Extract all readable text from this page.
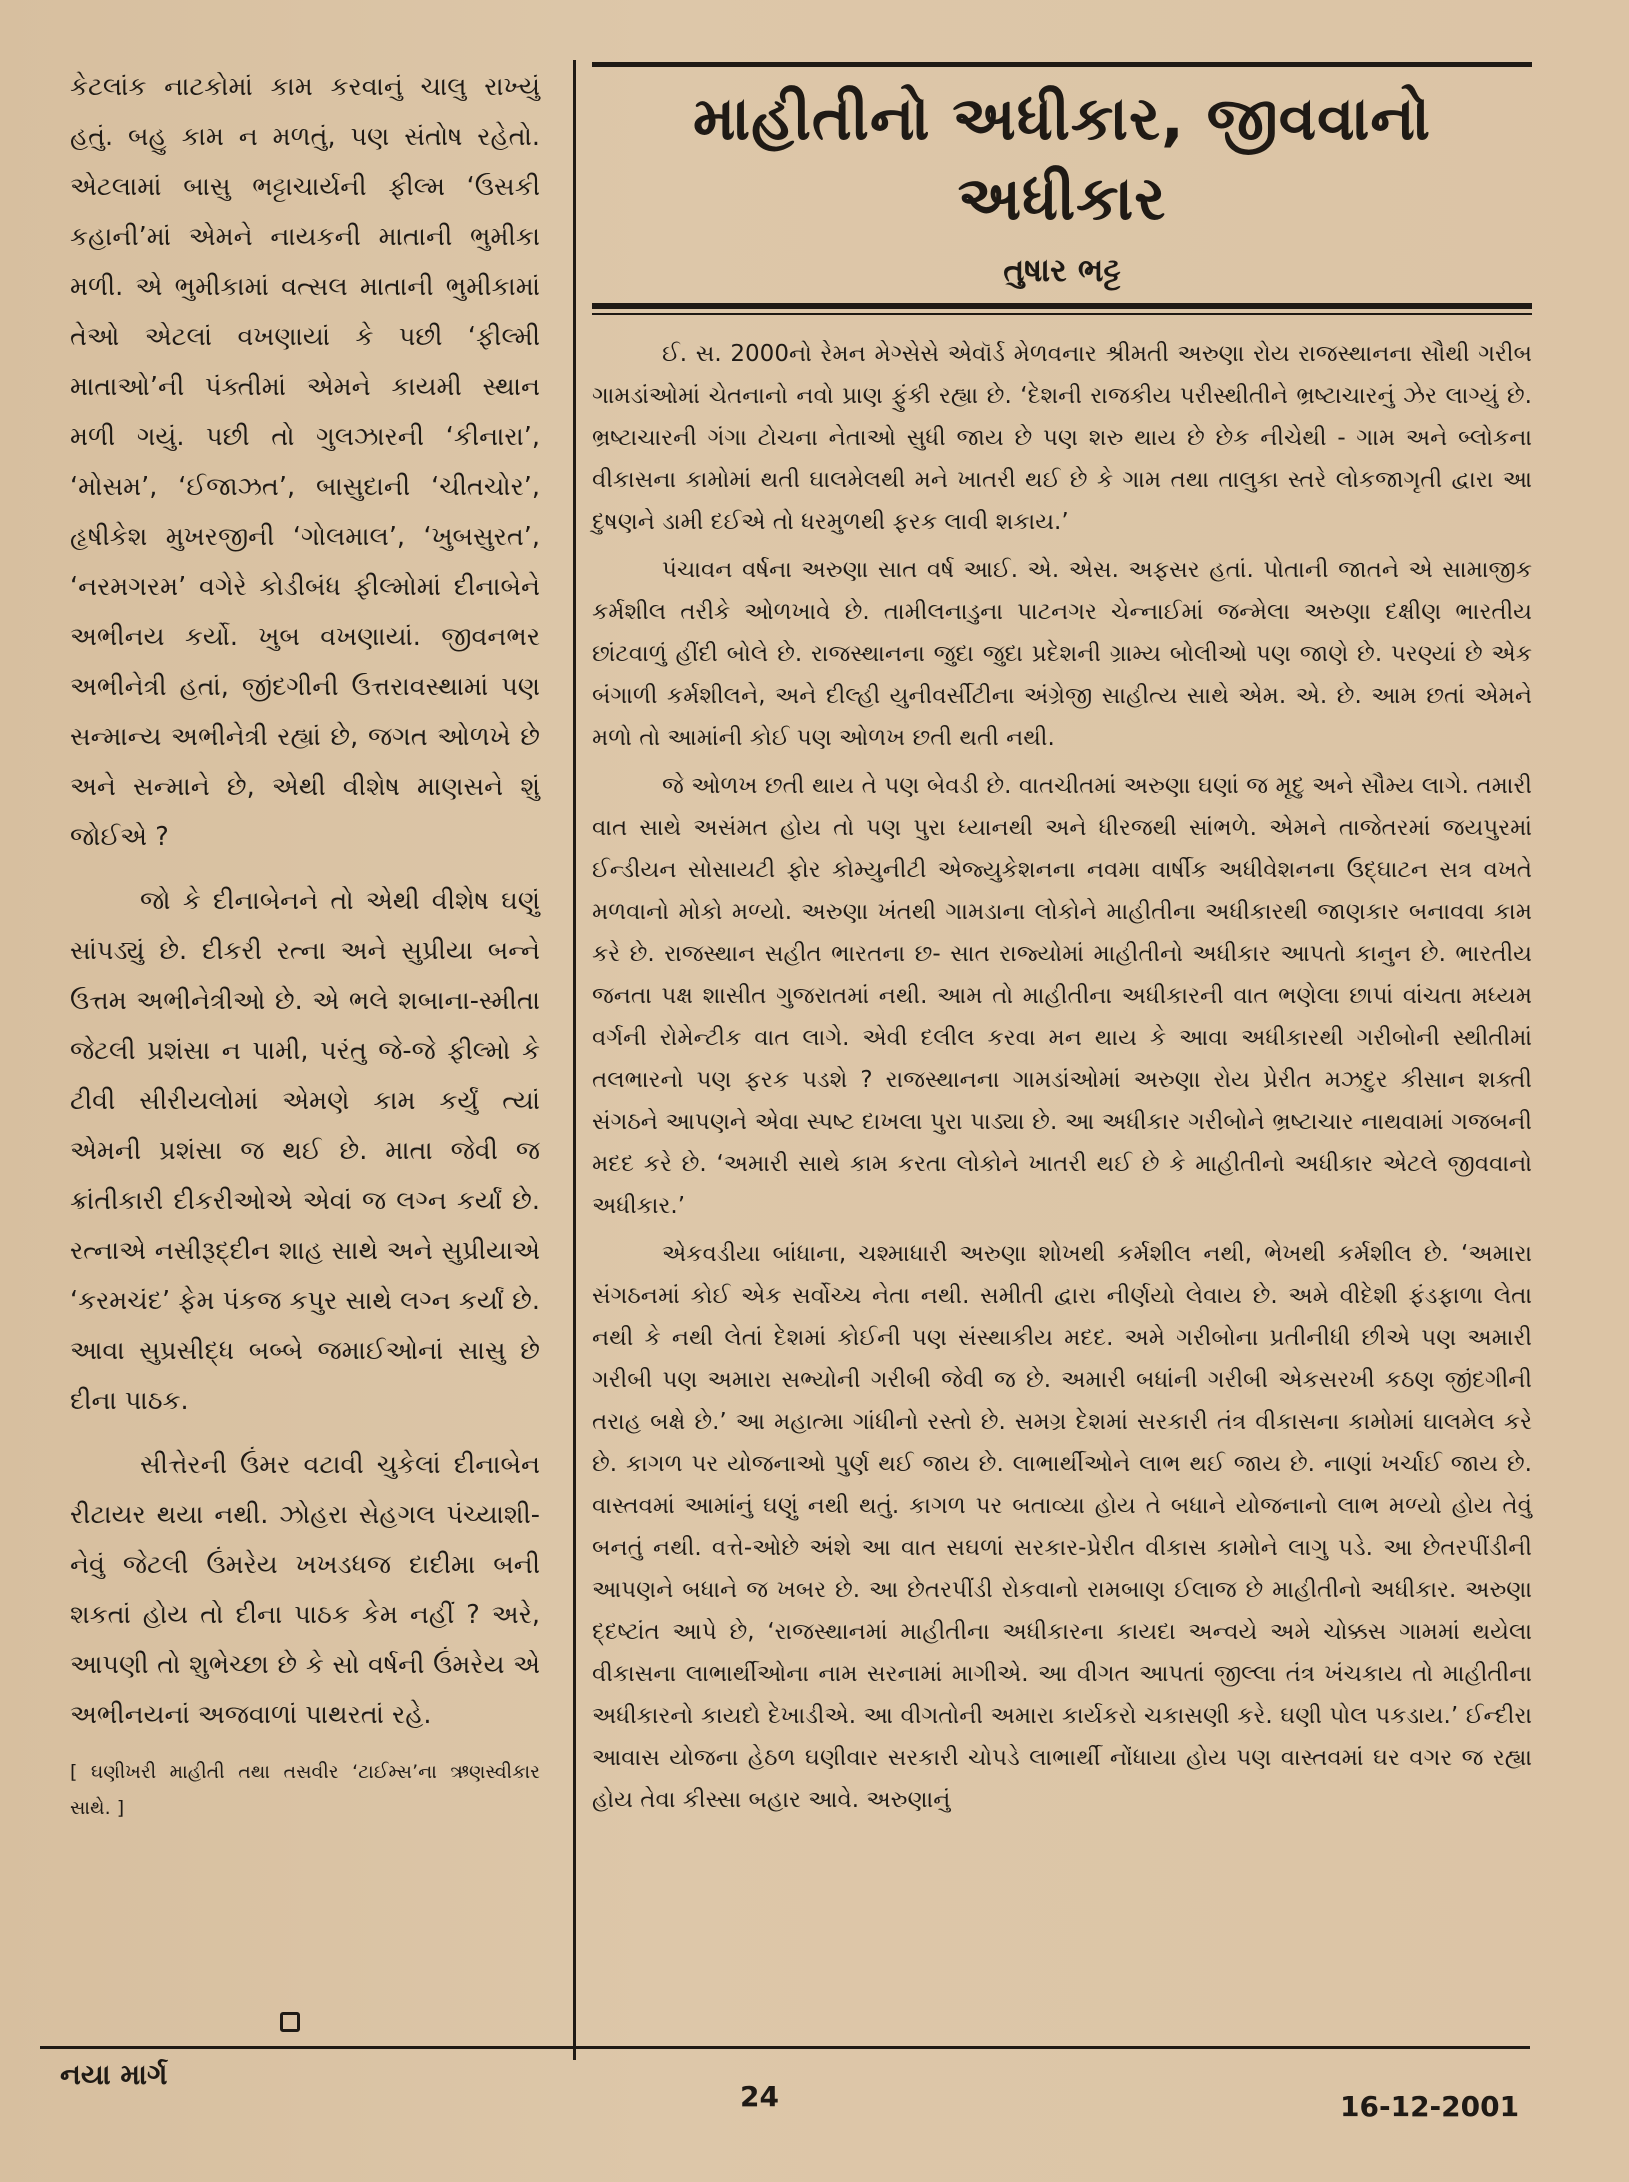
કેટલાંક નાટકોમાં કામ કરવાનું ચાલુ રાખ્યું હતું. બહુ કામ ન મળતું, પણ સંતોષ રહેતો. એટલામાં બાસુ ભટ્ટાચાર્યની ફીલ્મ ‘ઉસકી કહાની’માં એમને નાયકની માતાની ભુમીકા મળી. એ ભુમીકામાં વત્સલ માતાની ભુમીકામાં તેઓ એટલાં વખણાયાં કે પછી ‘ફીલ્મી માતાઓ’ની પંક્તીમાં એમને કાયમી સ્થાન મળી ગયું. પછી તો ગુલઝારની ‘કીનારા’, ‘મોસમ’, ‘ઈજાઝત’, બાસુદાની ‘ચીતચોર’, હૃષીકેશ મુખરજીની ‘ગોલમાલ’, ‘ખુબસુરત’, ‘નરમગરમ’ વગેરે કોડીબંધ ફીલ્મોમાં દીનાબેને અભીનય કર્યો. ખુબ વખણાયાં. જીવનભર અભીનેત્રી હતાં, જીંદગીની ઉત્તરાવસ્થામાં પણ સન્માન્ય અભીનેત્રી રહ્યાં છે, જગત ઓળખે છે અને સન્માને છે, એથી વીશેષ માણસને શું જોઈએ ?

જો કે દીનાબેનને તો એથી વીશેષ ઘણું સાંપડ્યું છે. દીકરી રત્ના અને સુપ્રીયા બન્ને ઉત્તમ અભીનેત્રીઓ છે. એ ભલે શબાના-સ્મીતા જેટલી પ્રશંસા ન પામી, પરંતુ જે-જે ફીલ્મો કે ટીવી સીરીયલોમાં એમણે કામ કર્યું ત્યાં એમની પ્રશંસા જ થઈ છે. માતા જેવી જ ક્રાંતીકારી દીકરીઓએ એવાં જ લગ્ન કર્યાં છે. રત્નાએ નસીરૂદ્દીન શાહ સાથે અને સુપ્રીયાએ ‘કરમચંદ’ ફેમ પંકજ કપુર સાથે લગ્ન કર્યાં છે. આવા સુપ્રસીદ્ધ બબ્બે જમાઈઓનાં સાસુ છે દીના પાઠક.

સીત્તેરની ઉંમર વટાવી ચુકેલાં દીનાબેન રીટાયર થયા નથી. ઝોહરા સેહગલ પંચ્યાશી-નેવું જેટલી ઉંમરેય ખખડધજ દાદીમા બની શકતાં હોય તો દીના પાઠક કેમ નહીં ? અરે, આપણી તો શુભેચ્છા છે કે સો વર્ષની ઉંમરેય એ અભીનયનાં અજવાળાં પાથરતાં રહે.

[ ઘણીખરી માહીતી તથા તસવીર ‘ટાઈમ્સ’ના ઋણસ્વીકાર સાથે. ]
માહીતીનો અધીકાર, જીવવાનો અધીકાર
તુષાર ભટ્ટ

ઈ. સ. 2000નો રેમન મેગ્સેસે એવૉર્ડ મેળવનાર શ્રીમતી અરુણા રોય રાજસ્થાનના સૌથી ગરીબ ગામડાંઓમાં ચેતનાનો નવો પ્રાણ ફુંકી રહ્યા છે. ‘દેશની રાજકીય પરીસ્થીતીને ભ્રષ્ટાચારનું ઝેર લાગ્યું છે. ભ્રષ્ટાચારની ગંગા ટોચના નેતાઓ સુધી જાય છે પણ શરુ થાય છે છેક નીચેથી - ગામ અને બ્લોકના વીકાસના કામોમાં થતી ઘાલમેલથી મને ખાતરી થઈ છે કે ગામ તથા તાલુકા સ્તરે લોકજાગૃતી દ્વારા આ દુષણને ડામી દઈએ તો ધરમુળથી ફરક લાવી શકાય.’

પંચાવન વર્ષના અરુણા સાત વર્ષ આઈ. એ. એસ. અફસર હતાં. પોતાની જાતને એ સામાજીક કર્મશીલ તરીકે ઓળખાવે છે. તામીલનાડુના પાટનગર ચેન્નાઈમાં જન્મેલા અરુણા દક્ષીણ ભારતીય છાંટવાળું હીંદી બોલે છે. રાજસ્થાનના જુદા જુદા પ્રદેશની ગ્રામ્ય બોલીઓ પણ જાણે છે. પરણ્યાં છે એક બંગાળી કર્મશીલને, અને દીલ્હી યુનીવર્સીટીના અંગ્રેજી સાહીત્ય સાથે એમ. એ. છે. આમ છતાં એમને મળો તો આમાંની કોઈ પણ ઓળખ છતી થતી નથી.

જે ઓળખ છતી થાય તે પણ બેવડી છે. વાતચીતમાં અરુણા ઘણાં જ મૃદુ અને સૌમ્ય લાગે. તમારી વાત સાથે અસંમત હોય તો પણ પુરા ધ્યાનથી અને ધીરજથી સાંભળે. એમને તાજેતરમાં જયપુરમાં ઈન્ડીયન સોસાયટી ફોર કોમ્યુનીટી એજ્યુકેશનના નવમા વાર્ષીક અધીવેશનના ઉદ્ઘાટન સત્ર વખતે મળવાનો મોકો મળ્યો. અરુણા ખંતથી ગામડાના લોકોને માહીતીના અધીકારથી જાણકાર બનાવવા કામ કરે છે. રાજસ્થાન સહીત ભારતના છ- સાત રાજ્યોમાં માહીતીનો અધીકાર આપતો કાનુન છે. ભારતીય જનતા પક્ષ શાસીત ગુજરાતમાં નથી. આમ તો માહીતીના અધીકારની વાત ભણેલા છાપાં વાંચતા મધ્યમ વર્ગની રોમેન્ટીક વાત લાગે. એવી દલીલ કરવા મન થાય કે આવા અધીકારથી ગરીબોની સ્થીતીમાં તલભારનો પણ ફરક પડશે ? રાજસ્થાનના ગામડાંઓમાં અરુણા રોય પ્રેરીત મઝદુર કીસાન શક્તી સંગઠને આપણને એવા સ્પષ્ટ દાખલા પુરા પાડ્યા છે. આ અધીકાર ગરીબોને ભ્રષ્ટાચાર નાથવામાં ગજબની મદદ કરે છે. ‘અમારી સાથે કામ કરતા લોકોને ખાતરી થઈ છે કે માહીતીનો અધીકાર એટલે જીવવાનો અધીકાર.’

એકવડીયા બાંધાના, ચશ્માધારી અરુણા શોખથી કર્મશીલ નથી, ભેખથી કર્મશીલ છે. ‘અમારા સંગઠનમાં કોઈ એક સર્વોચ્ચ નેતા નથી. સમીતી દ્વારા નીર્ણયો લેવાય છે. અમે વીદેશી ફંડફાળા લેતા નથી કે નથી લેતાં દેશમાં કોઈની પણ સંસ્થાકીય મદદ. અમે ગરીબોના પ્રતીનીધી છીએ પણ અમારી ગરીબી પણ અમારા સભ્યોની ગરીબી જેવી જ છે. અમારી બધાંની ગરીબી એકસરખી કઠણ જીંદગીની તરાહ બક્ષે છે.’ આ મહાત્મા ગાંધીનો રસ્તો છે. સમગ્ર દેશમાં સરકારી તંત્ર વીકાસના કામોમાં ઘાલમેલ કરે છે. કાગળ પર યોજનાઓ પુર્ણ થઈ જાય છે. લાભાર્થીઓને લાભ થઈ જાય છે. નાણાં ખર્ચાઈ જાય છે. વાસ્તવમાં આમાંનું ઘણું નથી થતું. કાગળ પર બતાવ્યા હોય તે બધાને યોજનાનો લાભ મળ્યો હોય તેવું બનતું નથી. વત્તે-ઓછે અંશે આ વાત સઘળાં સરકાર-પ્રેરીત વીકાસ કામોને લાગુ પડે. આ છેતરપીંડીની આપણને બધાને જ ખબર છે. આ છેતરપીંડી રોકવાનો રામબાણ ઈલાજ છે માહીતીનો અધીકાર. અરુણા દ્દષ્ટાંત આપે છે, ‘રાજસ્થાનમાં માહીતીના અધીકારના કાયદા અન્વયે અમે ચોક્કસ ગામમાં થયેલા વીકાસના લાભાર્થીઓના નામ સરનામાં માગીએ. આ વીગત આપતાં જીલ્લા તંત્ર ખંચકાય તો માહીતીના અધીકારનો કાયદો દેખાડીએ. આ વીગતોની અમારા કાર્યકરો ચકાસણી કરે. ઘણી પોલ પકડાય.’ ઈન્દીરા આવાસ યોજના હેઠળ ઘણીવાર સરકારી ચોપડે લાભાર્થી નોંધાયા હોય પણ વાસ્તવમાં ઘર વગર જ રહ્યા હોય તેવા કીસ્સા બહાર આવે. અરુણાનું

નયા માર્ગ
24	16-12-2001
